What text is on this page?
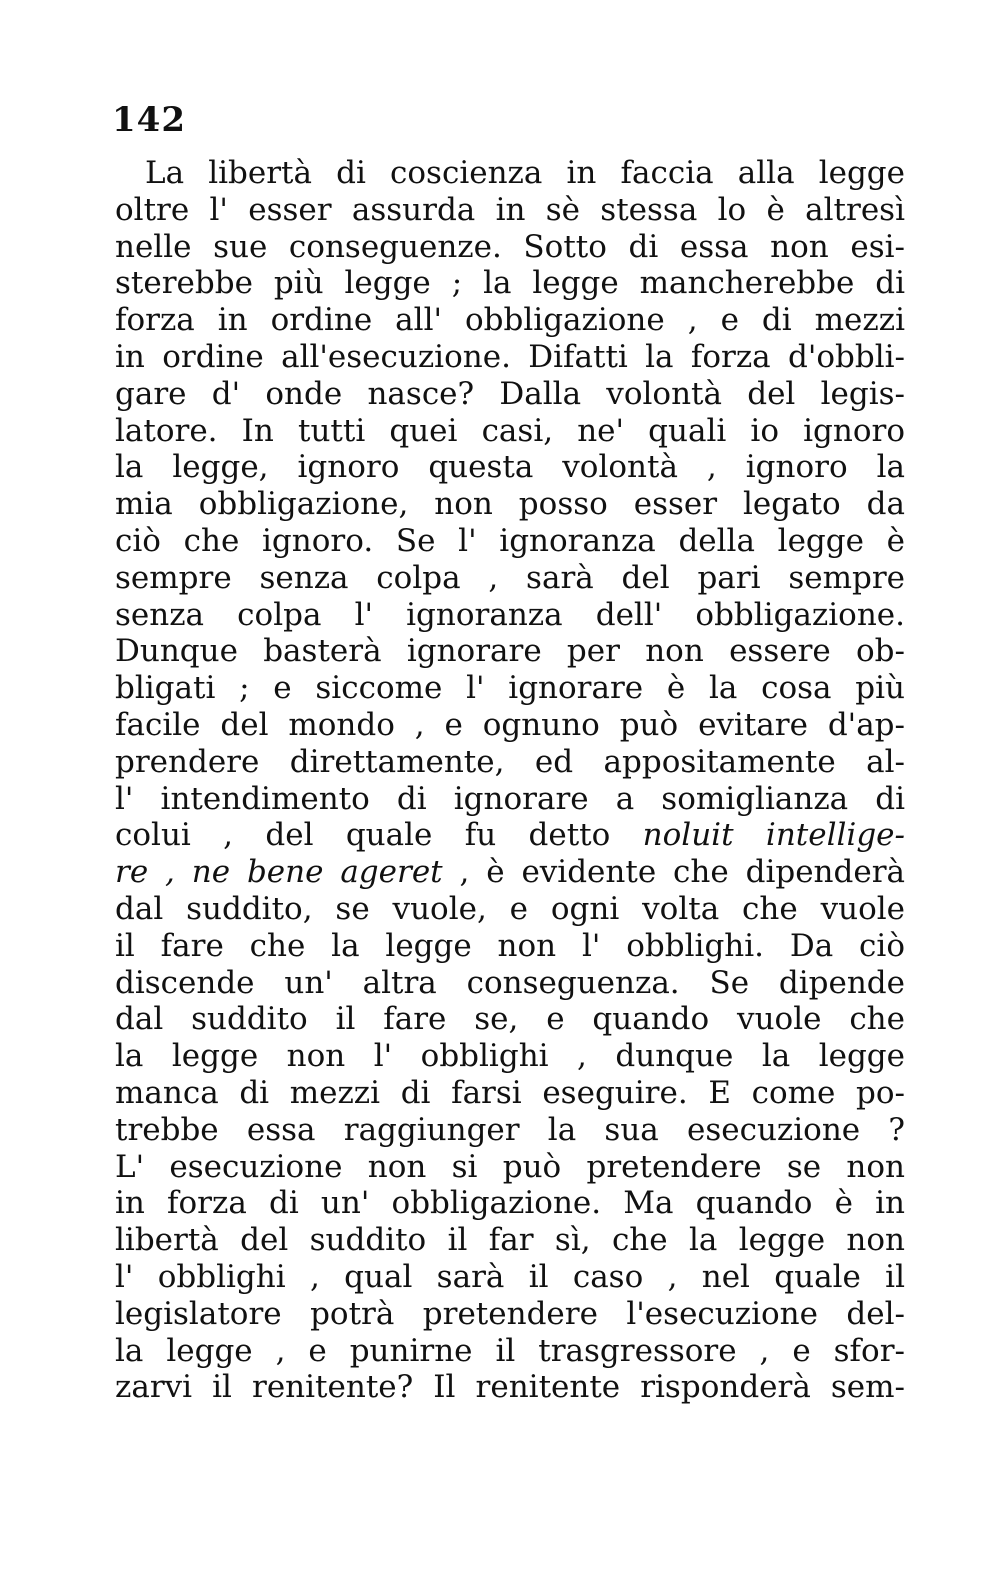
142
La libertà di coscienza in faccia alla legge
oltre l' esser assurda in sè stessa lo è altresì
nelle sue conseguenze. Sotto di essa non esi-
sterebbe più legge ; la legge mancherebbe di
forza in ordine all' obbligazione , e di mezzi
in ordine all'esecuzione. Difatti la forza d'obbli-
gare d' onde nasce? Dalla volontà del legis-
latore. In tutti quei casi, ne' quali io ignoro
la legge, ignoro questa volontà , ignoro la
mia obbligazione, non posso esser legato da
ciò che ignoro. Se l' ignoranza della legge è
sempre senza colpa , sarà del pari sempre
senza colpa l' ignoranza dell' obbligazione.
Dunque basterà ignorare per non essere ob-
bligati ; e siccome l' ignorare è la cosa più
facile del mondo , e ognuno può evitare d'ap-
prendere direttamente, ed appositamente al-
l' intendimento di ignorare a somiglianza di
colui , del quale fu detto noluit intellige-
re , ne bene ageret , è evidente che dipenderà
dal suddito, se vuole, e ogni volta che vuole
il fare che la legge non l' obblighi. Da ciò
discende un' altra conseguenza. Se dipende
dal suddito il fare se, e quando vuole che
la legge non l' obblighi , dunque la legge
manca di mezzi di farsi eseguire. E come po-
trebbe essa raggiunger la sua esecuzione ?
L' esecuzione non si può pretendere se non
in forza di un' obbligazione. Ma quando è in
libertà del suddito il far sì, che la legge non
l' obblighi , qual sarà il caso , nel quale il
legislatore potrà pretendere l'esecuzione del-
la legge , e punirne il trasgressore , e sfor-
zarvi il renitente? Il renitente risponderà sem-
